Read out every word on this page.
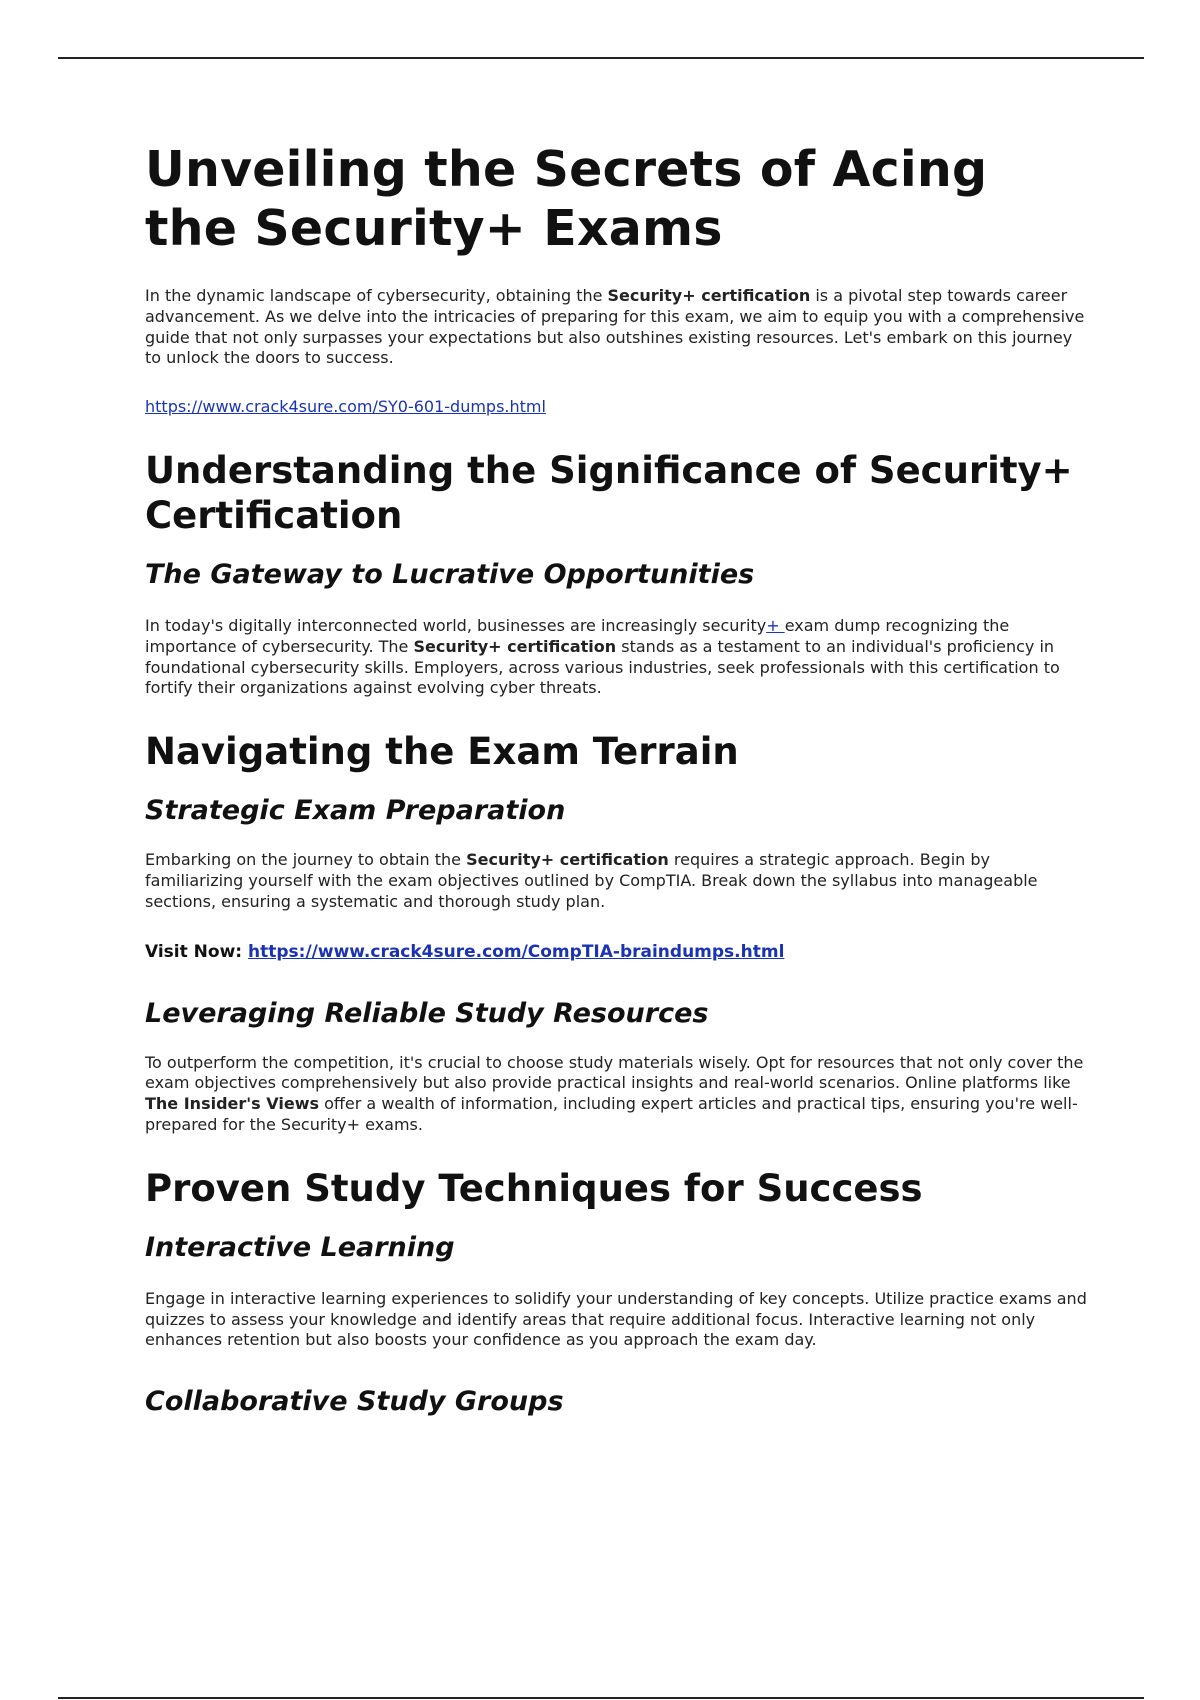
Unveiling the Secrets of Acing the Security+ Exams

In the dynamic landscape of cybersecurity, obtaining the Security+ certification is a pivotal step towards career advancement. As we delve into the intricacies of preparing for this exam, we aim to equip you with a comprehensive guide that not only surpasses your expectations but also outshines existing resources. Let's embark on this journey to unlock the doors to success.

https://www.crack4sure.com/SY0-601-dumps.html

Understanding the Significance of Security+ Certification
The Gateway to Lucrative Opportunities

In today's digitally interconnected world, businesses are increasingly security+ exam dump recognizing the importance of cybersecurity. The Security+ certification stands as a testament to an individual's proficiency in foundational cybersecurity skills. Employers, across various industries, seek professionals with this certification to fortify their organizations against evolving cyber threats.

Navigating the Exam Terrain
Strategic Exam Preparation

Embarking on the journey to obtain the Security+ certification requires a strategic approach. Begin by familiarizing yourself with the exam objectives outlined by CompTIA. Break down the syllabus into manageable sections, ensuring a systematic and thorough study plan.

Visit Now: https://www.crack4sure.com/CompTIA-braindumps.html
Leveraging Reliable Study Resources

To outperform the competition, it's crucial to choose study materials wisely. Opt for resources that not only cover the exam objectives comprehensively but also provide practical insights and real-world scenarios. Online platforms like The Insider's Views offer a wealth of information, including expert articles and practical tips, ensuring you're well-prepared for the Security+ exams.

Proven Study Techniques for Success
Interactive Learning

Engage in interactive learning experiences to solidify your understanding of key concepts. Utilize practice exams and quizzes to assess your knowledge and identify areas that require additional focus. Interactive learning not only enhances retention but also boosts your confidence as you approach the exam day.

Collaborative Study Groups
